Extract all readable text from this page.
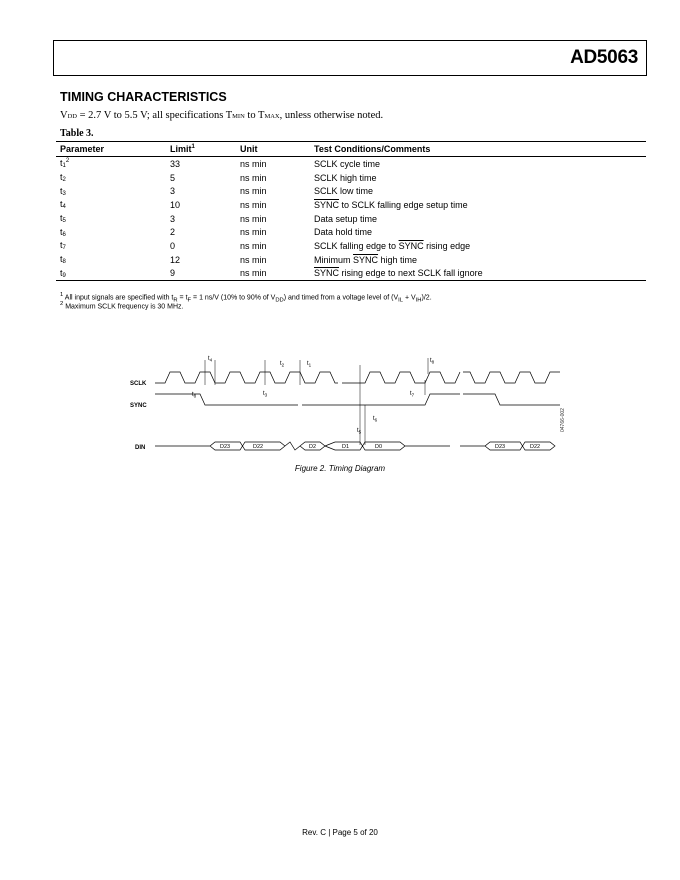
AD5063
TIMING CHARACTERISTICS
VDD = 2.7 V to 5.5 V; all specifications TMIN to TMAX, unless otherwise noted.
Table 3.
Parameter	Limit$^1$	Unit	Test Conditions/Comments
$t1^2$	33	ns min	SCLK cycle time
t2	5	ns min	SCLK high time
t3	3	ns min	SCLK low time
t4	10	ns min	SYNC to SCLK falling edge setup time
t5	3	ns min	Data setup time
t6	2	ns min	Data hold time
t7	0	ns min	SCLK falling edge to SYNC rising edge
t8	12	ns min	Minimum SYNC high time
t9	9	ns min	SYNC rising edge to next SCLK fall ignore
$^1$ All input signals are specified with $t_R = t_F = 1$ ns/V (10% to 90% of $V_{DD}$) and timed from a voltage level of $(V_{IL} + V_{IH})/2$.
$^2$ Maximum SCLK frequency is 30 MHz.
SCLK
SYNC
DIN	D23	D22	D2	D1	D0	D23	D22
$t_4$
$t_2$	$t_1$
$t_3$
$t_8$
$t_5$
$t_6$
$t_7$
$t_8$
04766-002
Figure 2. Timing Diagram
Rev. C | Page 5 of 20
